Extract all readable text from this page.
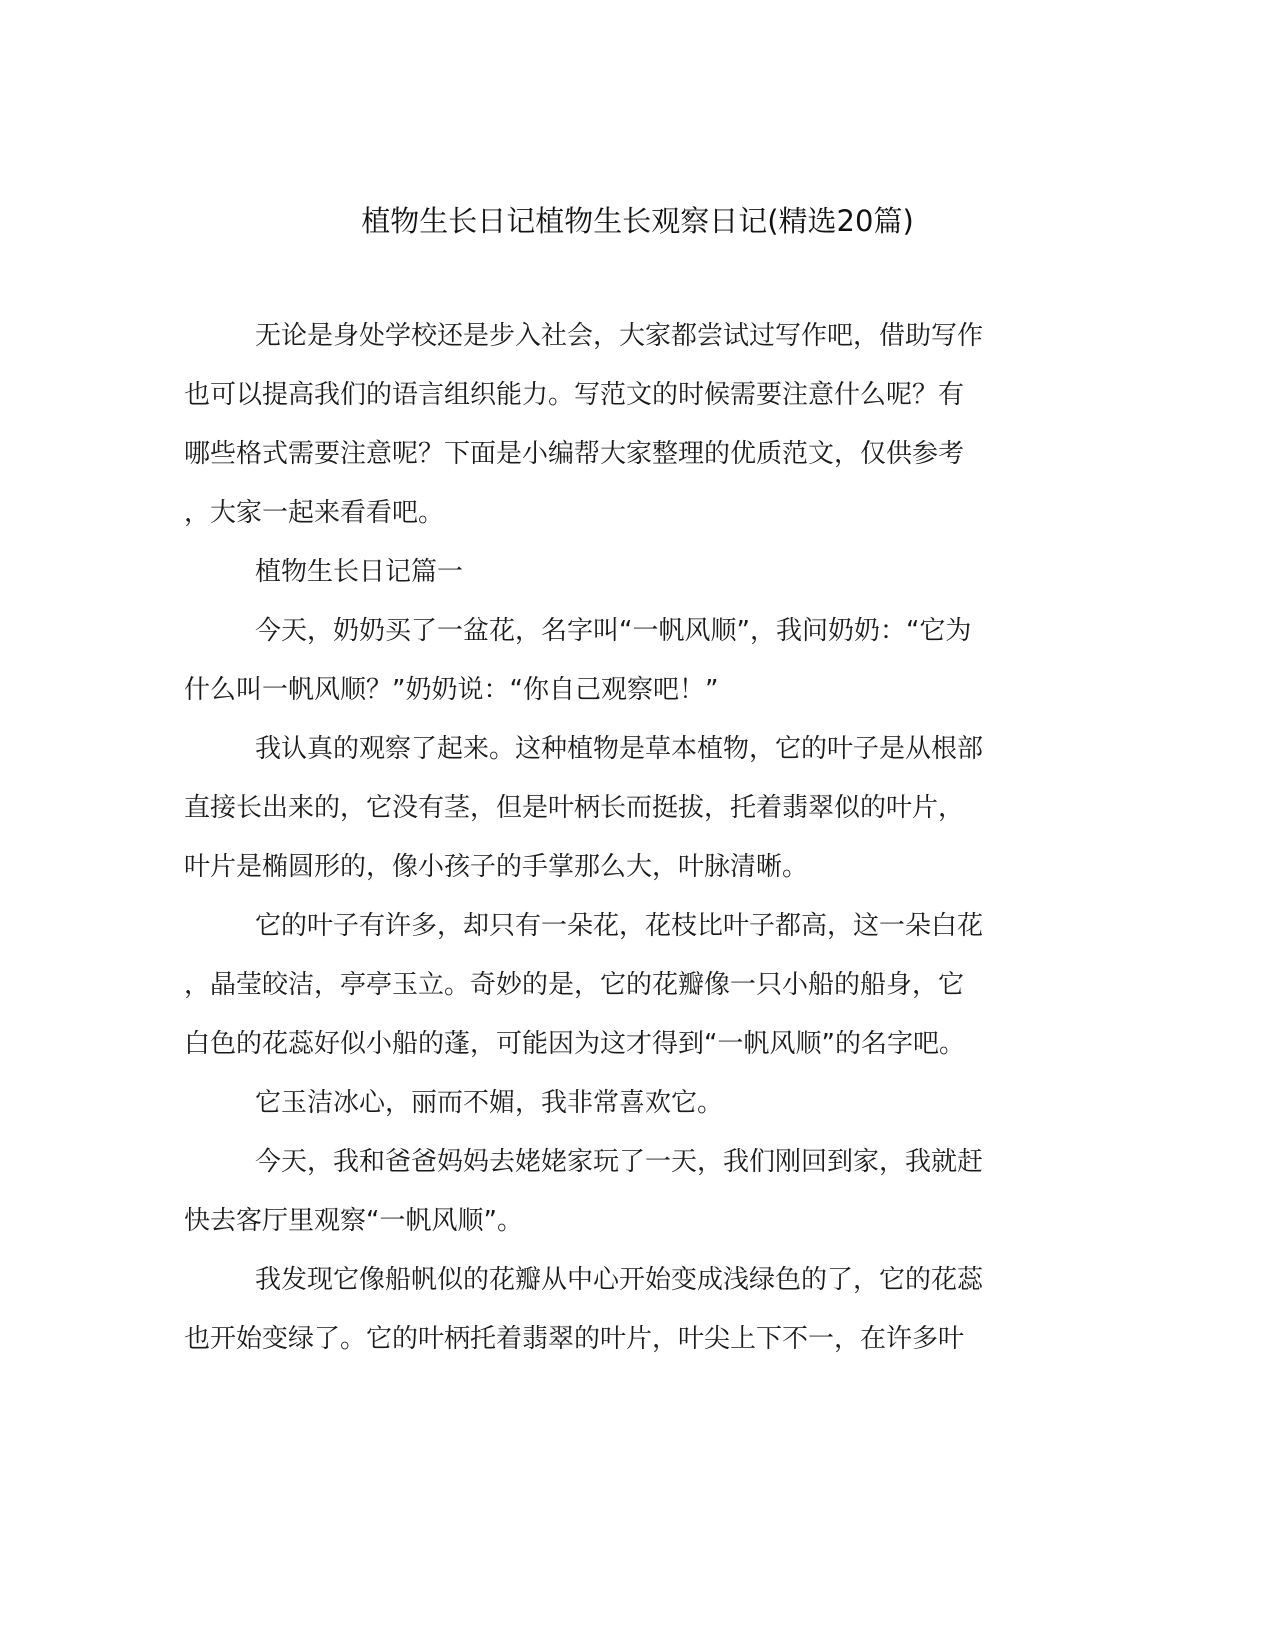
植物生长日记植物生长观察日记(精选20篇)

无论是身处学校还是步入社会，大家都尝试过写作吧，借助写作

也可以提高我们的语言组织能力。写范文的时候需要注意什么呢？有

哪些格式需要注意呢？下面是小编帮大家整理的优质范文，仅供参考

，大家一起来看看吧。

植物生长日记篇一

今天，奶奶买了一盆花，名字叫“一帆风顺”，我问奶奶：“它为

什么叫一帆风顺？”奶奶说：“你自己观察吧！”

我认真的观察了起来。这种植物是草本植物，它的叶子是从根部

直接长出来的，它没有茎，但是叶柄长而挺拔，托着翡翠似的叶片，

叶片是椭圆形的，像小孩子的手掌那么大，叶脉清晰。

它的叶子有许多，却只有一朵花，花枝比叶子都高，这一朵白花

，晶莹皎洁，亭亭玉立。奇妙的是，它的花瓣像一只小船的船身，它

白色的花蕊好似小船的蓬，可能因为这才得到“一帆风顺”的名字吧。

它玉洁冰心，丽而不媚，我非常喜欢它。

今天，我和爸爸妈妈去姥姥家玩了一天，我们刚回到家，我就赶

快去客厅里观察“一帆风顺”。

我发现它像船帆似的花瓣从中心开始变成浅绿色的了，它的花蕊

也开始变绿了。它的叶柄托着翡翠的叶片，叶尖上下不一，在许多叶
